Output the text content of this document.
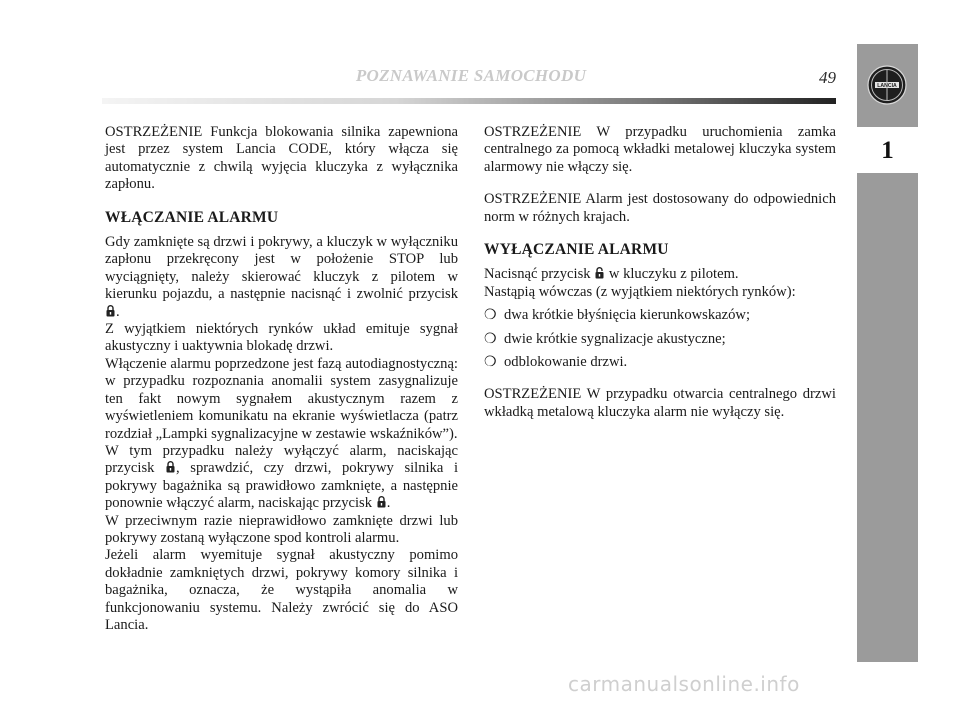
POZNAWANIE SAMOCHODU	49	LANCIA
1

OSTRZEŻENIE Funkcja blokowania silnika zapewniona jest przez system Lancia CODE, który włącza się automatycznie z chwilą wyjęcia kluczyka z wyłącznika zapłonu.

WŁĄCZANIE ALARMU

Gdy zamknięte są drzwi i pokrywy, a kluczyk w wyłączniku zapłonu przekręcony jest w położenie STOP lub wyciągnięty, należy skierować kluczyk z pilotem w kierunku pojazdu, a następnie nacisnąć i zwolnić przycisk .

Z wyjątkiem niektórych rynków układ emituje sygnał akustyczny i uaktywnia blokadę drzwi.

Włączenie alarmu poprzedzone jest fazą autodiagnostyczną: w przypadku rozpoznania anomalii system zasygnalizuje ten fakt nowym sygnałem akustycznym razem z wyświetleniem komunikatu na ekranie wyświetlacza (patrz rozdział „Lampki sygnalizacyjne w zestawie wskaźników”).

W tym przypadku należy wyłączyć alarm, naciskając przycisk , sprawdzić, czy drzwi, pokrywy silnika i pokrywy bagażnika są prawidłowo zamknięte, a następnie ponownie włączyć alarm, naciskając przycisk .

W przeciwnym razie nieprawidłowo zamknięte drzwi lub pokrywy zostaną wyłączone spod kontroli alarmu.

Jeżeli alarm wyemituje sygnał akustyczny pomimo dokładnie zamkniętych drzwi, pokrywy komory silnika i bagażnika, oznacza, że wystąpiła anomalia w funkcjonowaniu systemu. Należy zwrócić się do ASO Lancia.

OSTRZEŻENIE W przypadku uruchomienia zamka centralnego za pomocą wkładki metalowej kluczyka system alarmowy nie włączy się.

OSTRZEŻENIE Alarm jest dostosowany do odpowiednich norm w różnych krajach.

WYŁĄCZANIE ALARMU

Nacisnąć przycisk w kluczyku z pilotem.

Nastąpią wówczas (z wyjątkiem niektórych rynków):

❍ dwa krótkie błyśnięcia kierunkowskazów;
❍ dwie krótkie sygnalizacje akustyczne;
❍ odblokowanie drzwi.

OSTRZEŻENIE W przypadku otwarcia centralnego drzwi wkładką metalową kluczyka alarm nie wyłączy się.

carmanualsonline.info
